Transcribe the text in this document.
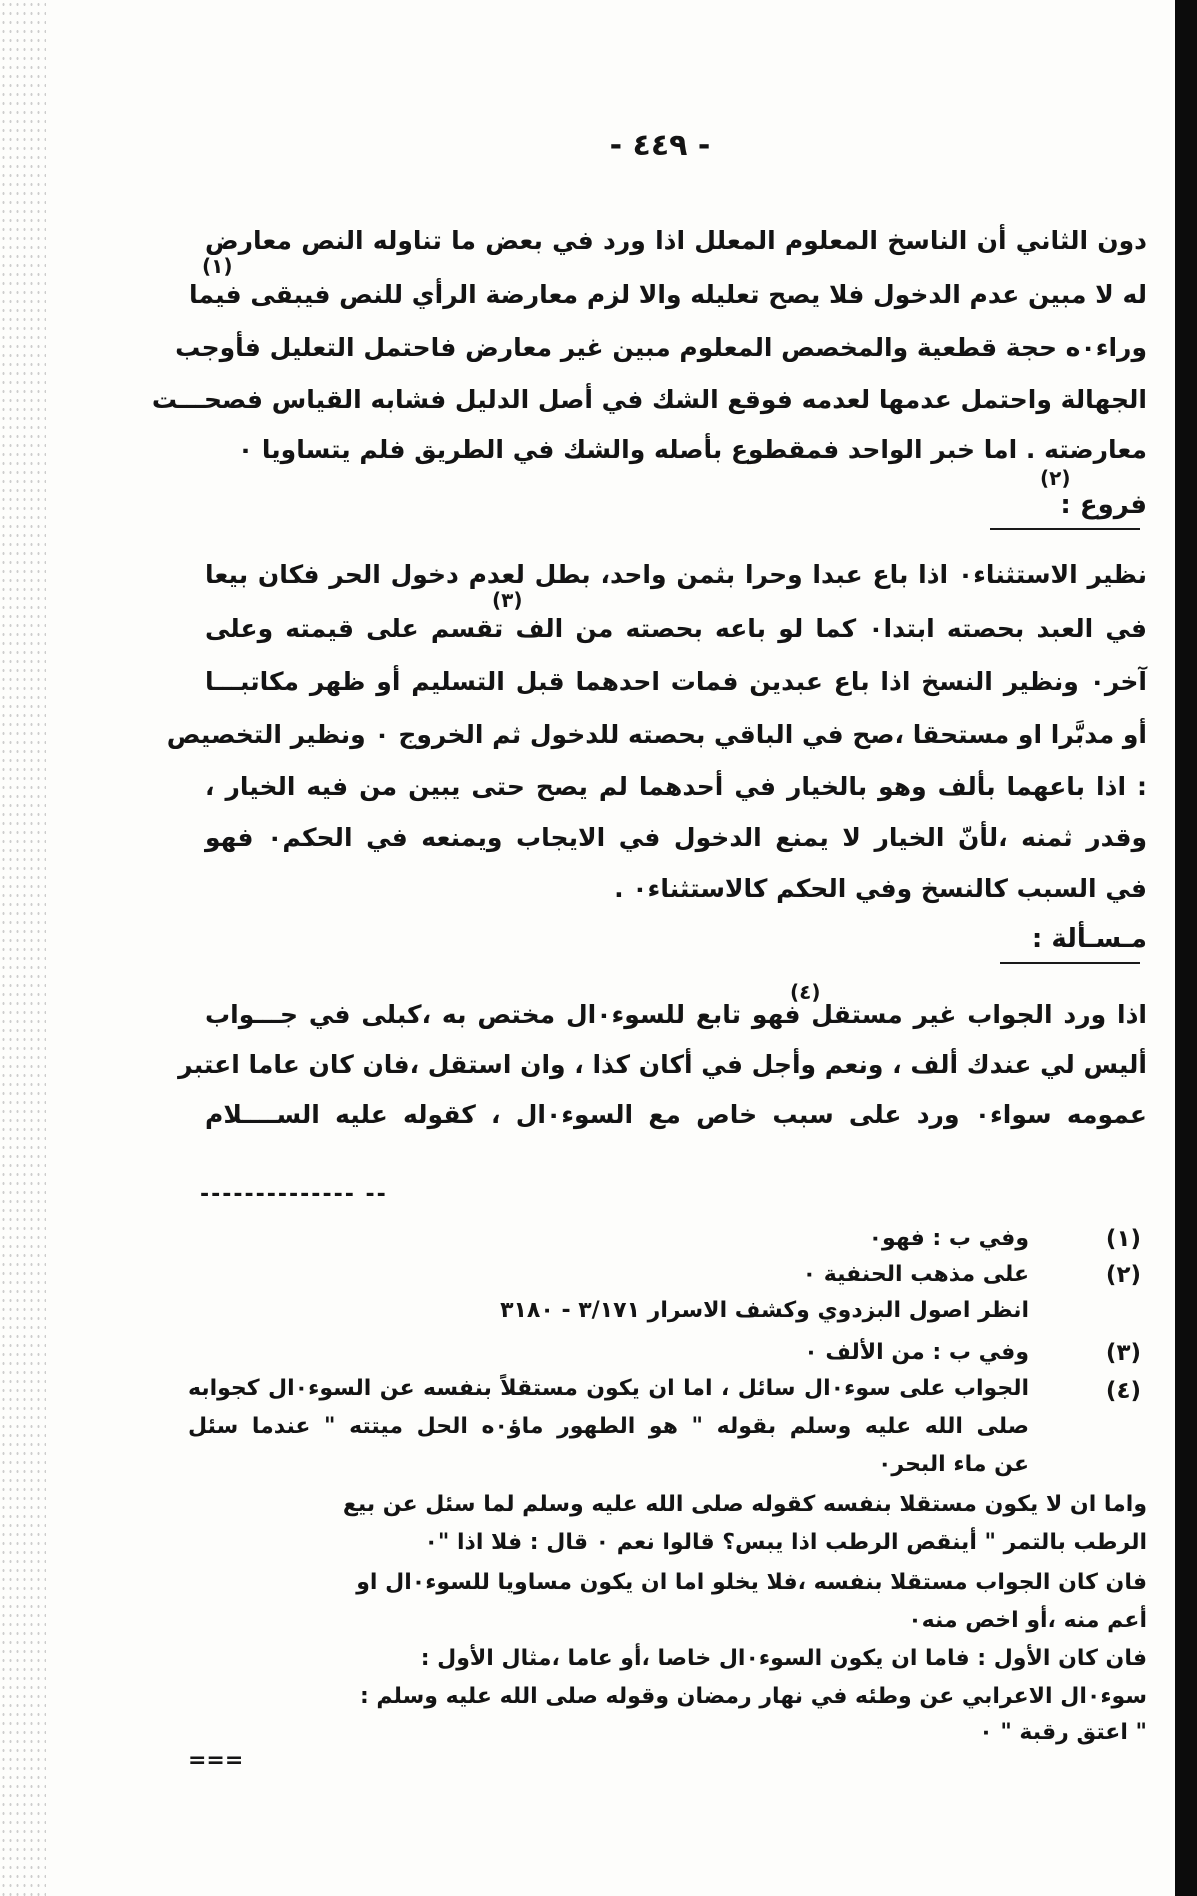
- ٤٤٩ -
دون الثاني أن الناسخ المعلوم المعلل اذا ورد في بعض ما تناوله النص معارض
(١)
له لا مبين عدم الدخول فلا يصح تعليله والا لزم معارضة الرأي للنص فيبقى فيما
وراء٠ه حجة قطعية والمخصص المعلوم مبين غير معارض فاحتمل التعليل فأوجب
الجهالة واحتمل عدمها لعدمه فوقع الشك في أصل الدليل فشابه القياس فصحـــت
معارضته . اما خبر الواحد فمقطوع بأصله والشك في الطريق فلم يتساويا ٠
(٢)
فروع :
نظير الاستثناء٠ اذا باع عبدا وحرا بثمن واحد، بطل لعدم دخول الحر فكان بيعا
(٣)
في العبد بحصته ابتدا٠ كما لو باعه بحصته من الف تقسم على قيمته وعلى
آخر٠ ونظير النسخ اذا باع عبدين فمات احدهما قبل التسليم أو ظهر مكاتبـــا
أو مدبَّرا او مستحقا ،صح في الباقي بحصته للدخول ثم الخروج ٠ ونظير التخصيص
: اذا باعهما بألف وهو بالخيار في أحدهما لم يصح حتى يبين من فيه الخيار ،
وقدر ثمنه ،لأنّ الخيار لا يمنع الدخول في الايجاب ويمنعه في الحكم٠ فهو
في السبب كالنسخ وفي الحكم كالاستثناء٠ .
مـسـألة :
(٤)
اذا ورد الجواب غير مستقل فهو تابع للسوء٠ال مختص به ،كبلى في جـــواب
أليس لي عندك ألف ، ونعم وأجل في أكان كذا ، وان استقل ،فان كان عاما اعتبر
عمومه سواء٠ ورد على سبب خاص مع السوء٠ال ، كقوله عليه الســــلام
-------------- --
(١)
وفي ب : فهو٠
(٢)
على مذهب الحنفية ٠
انظر اصول البزدوي وكشف الاسرار ٣/١٧١ - ٣١٨٠
(٣)
وفي ب : من الألف ٠
(٤)
الجواب على سوء٠ال سائل ، اما ان يكون مستقلاً بنفسه عن السوء٠ال كجوابه
صلى الله عليه وسلم بقوله " هو الطهور ماؤ٠ه الحل ميتته " عندما سئل
عن ماء البحر٠
واما ان لا يكون مستقلا بنفسه كقوله صلى الله عليه وسلم لما سئل عن بيع
الرطب بالتمر " أينقص الرطب اذا يبس؟ قالوا نعم ٠ قال : فلا اذا "٠
فان كان الجواب مستقلا بنفسه ،فلا يخلو اما ان يكون مساويا للسوء٠ال او
أعم منه ،أو اخص منه٠
فان كان الأول : فاما ان يكون السوء٠ال خاصا ،أو عاما ،مثال الأول :
سوء٠ال الاعرابي عن وطئه في نهار رمضان وقوله صلى الله عليه وسلم :
" اعتق رقبة " ٠
===
